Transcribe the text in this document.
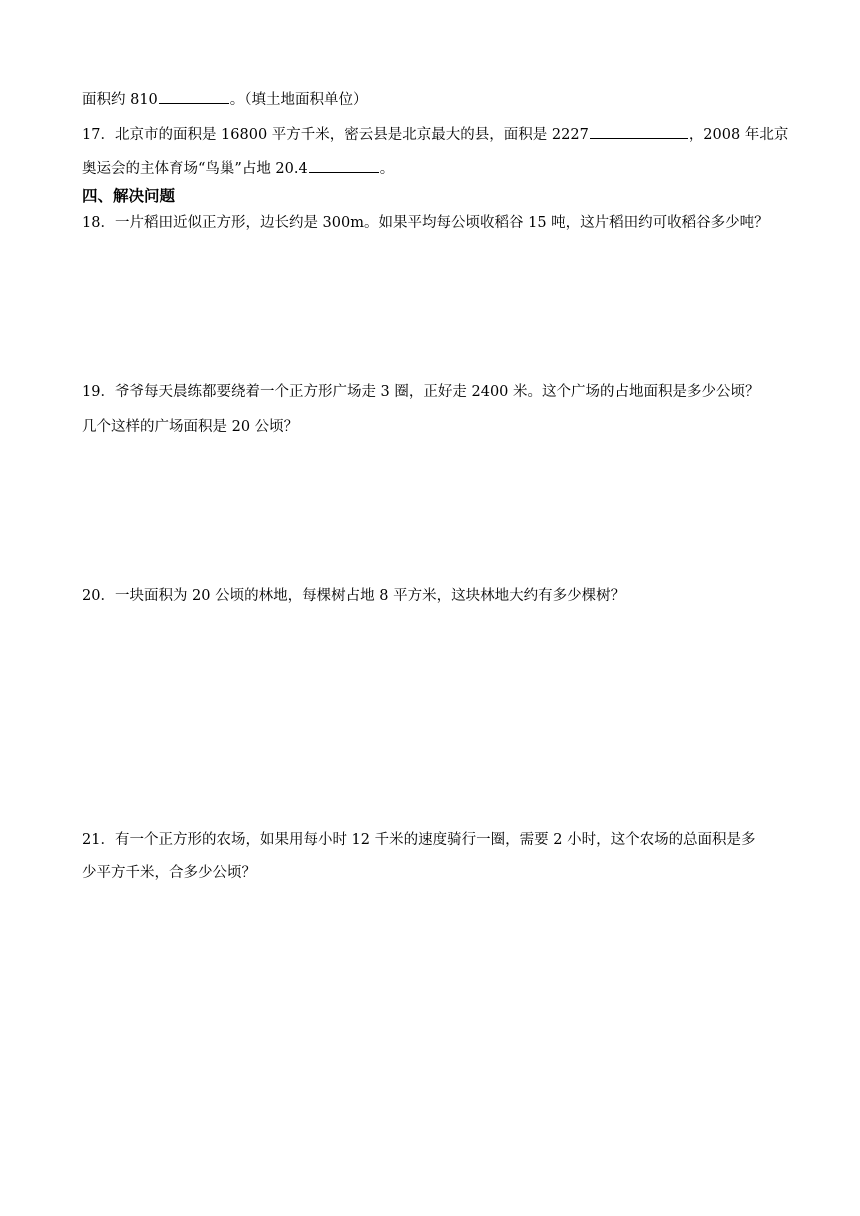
面积约 810	。（填土地面积单位）
17．北京市的面积是 16800 平方千米，密云县是北京最大的县，面积是 2227	，2008 年北京
奥运会的主体育场“鸟巢”占地 20.4	。
四、解决问题
18．一片稻田近似正方形，边长约是 300m。如果平均每公顷收稻谷 15 吨，这片稻田约可收稻谷多少吨？
19．爷爷每天晨练都要绕着一个正方形广场走 3 圈，正好走 2400 米。这个广场的占地面积是多少公顷？
几个这样的广场面积是 20 公顷？
20．一块面积为 20 公顷的林地，每棵树占地 8 平方米，这块林地大约有多少棵树？
21．有一个正方形的农场，如果用每小时 12 千米的速度骑行一圈，需要 2 小时，这个农场的总面积是多
少平方千米，合多少公顷？
